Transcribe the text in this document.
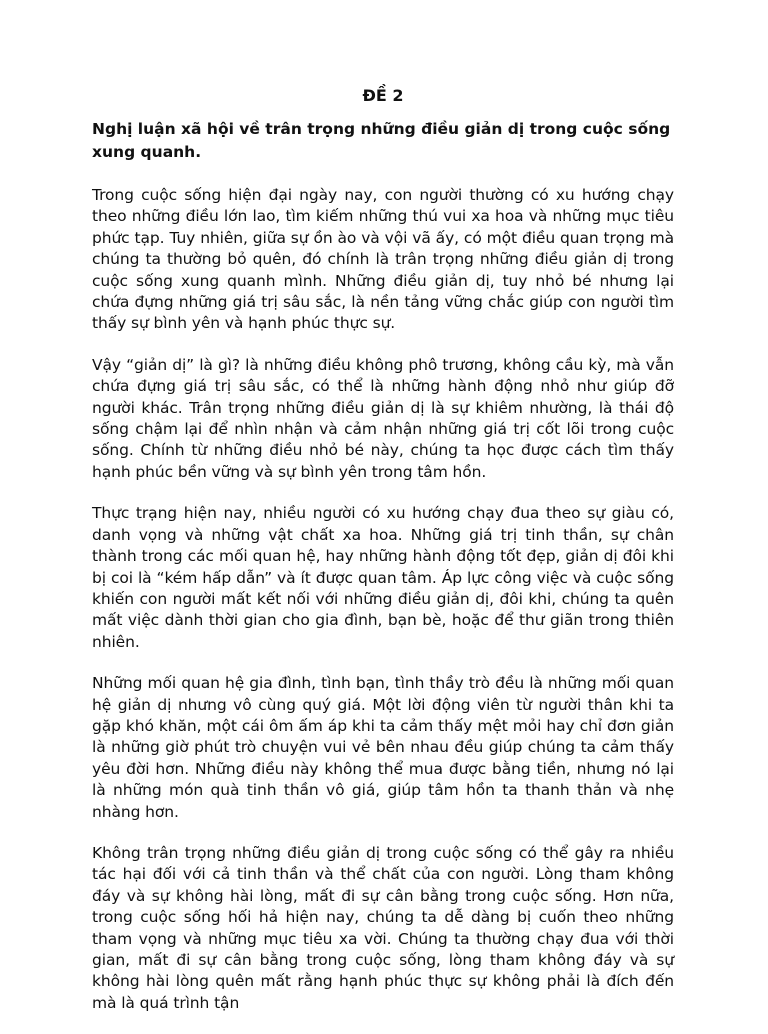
ĐỀ 2
Nghị luận xã hội về trân trọng những điều giản dị trong cuộc sống xung quanh.

Trong cuộc sống hiện đại ngày nay, con người thường có xu hướng chạy theo những điều lớn lao, tìm kiếm những thú vui xa hoa và những mục tiêu phức tạp. Tuy nhiên, giữa sự ồn ào và vội vã ấy, có một điều quan trọng mà chúng ta thường bỏ quên, đó chính là trân trọng những điều giản dị trong cuộc sống xung quanh mình. Những điều giản dị, tuy nhỏ bé nhưng lại chứa đựng những giá trị sâu sắc, là nền tảng vững chắc giúp con người tìm thấy sự bình yên và hạnh phúc thực sự.

Vậy “giản dị” là gì? là những điều không phô trương, không cầu kỳ, mà vẫn chứa đựng giá trị sâu sắc, có thể là những hành động nhỏ như giúp đỡ người khác. Trân trọng những điều giản dị là sự khiêm nhường, là thái độ sống chậm lại để nhìn nhận và cảm nhận những giá trị cốt lõi trong cuộc sống. Chính từ những điều nhỏ bé này, chúng ta học được cách tìm thấy hạnh phúc bền vững và sự bình yên trong tâm hồn.

Thực trạng hiện nay, nhiều người có xu hướng chạy đua theo sự giàu có, danh vọng và những vật chất xa hoa. Những giá trị tinh thần, sự chân thành trong các mối quan hệ, hay những hành động tốt đẹp, giản dị đôi khi bị coi là “kém hấp dẫn” và ít được quan tâm. Áp lực công việc và cuộc sống khiến con người mất kết nối với những điều giản dị, đôi khi, chúng ta quên mất việc dành thời gian cho gia đình, bạn bè, hoặc để thư giãn trong thiên nhiên.

Những mối quan hệ gia đình, tình bạn, tình thầy trò đều là những mối quan hệ giản dị nhưng vô cùng quý giá. Một lời động viên từ người thân khi ta gặp khó khăn, một cái ôm ấm áp khi ta cảm thấy mệt mỏi hay chỉ đơn giản là những giờ phút trò chuyện vui vẻ bên nhau đều giúp chúng ta cảm thấy yêu đời hơn. Những điều này không thể mua được bằng tiền, nhưng nó lại là những món quà tinh thần vô giá, giúp tâm hồn ta thanh thản và nhẹ nhàng hơn.

Không trân trọng những điều giản dị trong cuộc sống có thể gây ra nhiều tác hại đối với cả tinh thần và thể chất của con người. Lòng tham không đáy và sự không hài lòng, mất đi sự cân bằng trong cuộc sống. Hơn nữa, trong cuộc sống hối hả hiện nay, chúng ta dễ dàng bị cuốn theo những tham vọng và những mục tiêu xa vời. Chúng ta thường chạy đua với thời gian, mất đi sự cân bằng trong cuộc sống, lòng tham không đáy và sự không hài lòng quên mất rằng hạnh phúc thực sự không phải là đích đến mà là quá trình tận
